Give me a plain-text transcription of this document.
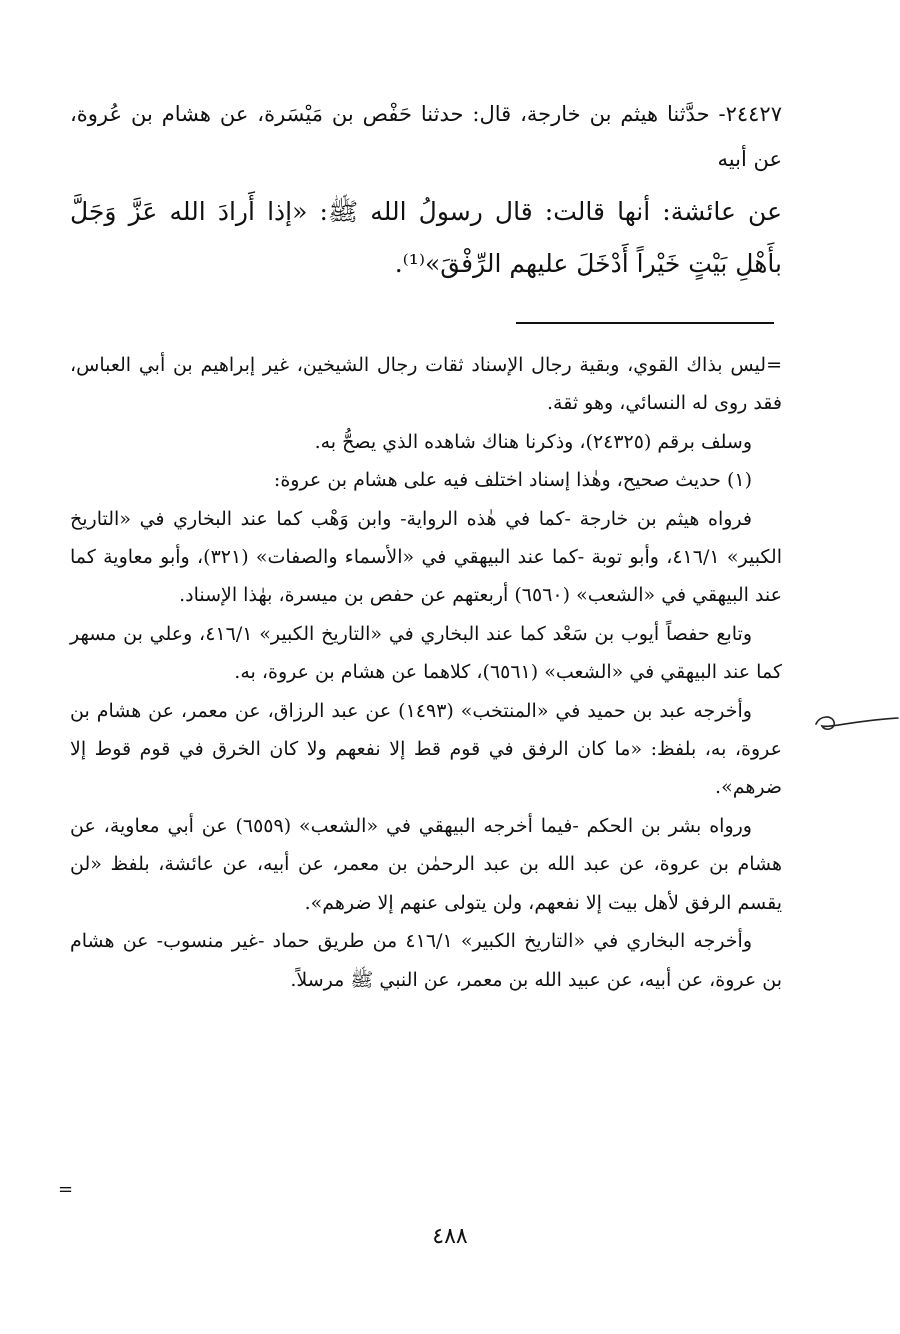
٢٤٤٢٧- حدَّثنا هيثم بن خارجة، قال: حدثنا حَفْص بن مَيْسَرة، عن هشام بن عُروة، عن أبيه

عن عائشة: أنها قالت: قال رسولُ الله ﷺ: «إذا أَرادَ الله عَزَّ وَجَلَّ بأَهْلِ بَيْتٍ خَيْراً أَدْخَلَ عليهم الرِّفْقَ»⁽¹⁾.

=ليس بذاك القوي، وبقية رجال الإسناد ثقات رجال الشيخين، غير إبراهيم بن أبي العباس، فقد روى له النسائي، وهو ثقة.

وسلف برقم (٢٤٣٢٥)، وذكرنا هناك شاهده الذي يصحُّ به.

(١) حديث صحيح، وهٰذا إسناد اختلف فيه على هشام بن عروة:

فرواه هيثم بن خارجة -كما في هٰذه الرواية- وابن وَهْب كما عند البخاري في «التاريخ الكبير» ٤١٦/١، وأبو توبة -كما عند البيهقي في «الأسماء والصفات» (٣٢١)، وأبو معاوية كما عند البيهقي في «الشعب» (٦٥٦٠) أربعتهم عن حفص بن ميسرة، بهٰذا الإسناد.

وتابع حفصاً أيوب بن سَعْد كما عند البخاري في «التاريخ الكبير» ٤١٦/١، وعلي بن مسهر كما عند البيهقي في «الشعب» (٦٥٦١)، كلاهما عن هشام بن عروة، به.

وأخرجه عبد بن حميد في «المنتخب» (١٤٩٣) عن عبد الرزاق، عن معمر، عن هشام بن عروة، به، بلفظ: «ما كان الرفق في قوم قط إلا نفعهم ولا كان الخرق في قوم قوط إلا ضرهم».

ورواه بشر بن الحكم -فيما أخرجه البيهقي في «الشعب» (٦٥٥٩) عن أبي معاوية، عن هشام بن عروة، عن عبد الله بن عبد الرحمٰن بن معمر، عن أبيه، عن عائشة، بلفظ «لن يقسم الرفق لأهل بيت إلا نفعهم، ولن يتولى عنهم إلا ضرهم».

وأخرجه البخاري في «التاريخ الكبير» ٤١٦/١ من طريق حماد -غير منسوب- عن هشام بن عروة، عن أبيه، عن عبيد الله بن معمر، عن النبي ﷺ مرسلاً.

=
٤٨٨
